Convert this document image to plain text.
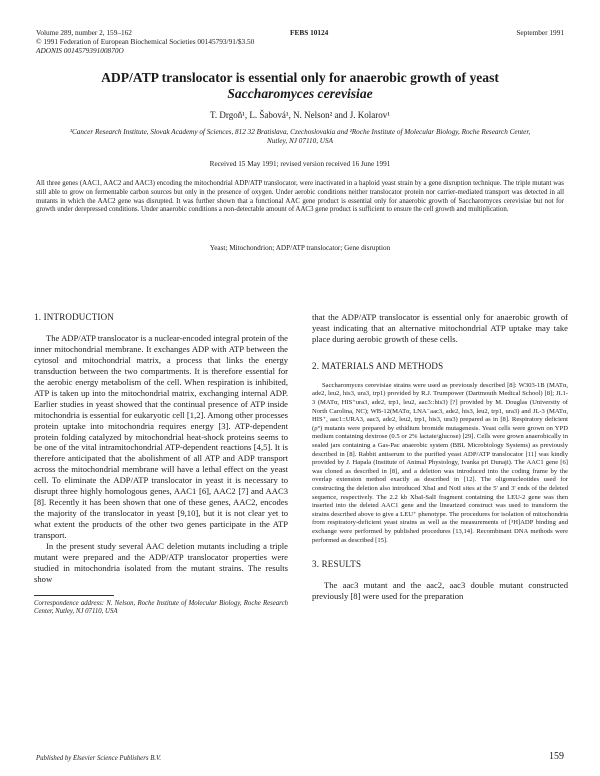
Volume 289, number 2, 159–162
© 1991 Federation of European Biochemical Societies 00145793/91/$3.50
ADONIS 001457939100870O
FEBS 10124	September 1991
ADP/ATP translocator is essential only for anaerobic growth of yeast
Saccharomyces cerevisiae
T. Drgoň¹, L. Šabová¹, N. Nelson² and J. Kolarov¹
¹Cancer Research Institute, Slovak Academy of Sciences, 812 32 Bratislava, Czechoslovakia and ²Roche Institute of Molecular Biology, Roche Research Center, Nutley, NJ 07110, USA
Received 15 May 1991; revised version received 16 June 1991
All three genes (AAC1, AAC2 and AAC3) encoding the mitochondrial ADP/ATP translocator, were inactivated in a haploid yeast strain by a gene disruption technique. The triple mutant was still able to grow on fermentable carbon sources but only in the presence of oxygen. Under aerobic conditions neither translocator protein nor carrier-mediated transport was detected in all mutants in which the AAC2 gene was disrupted. It was further shown that a functional AAC gene product is essential only for anaerobic growth of Saccharomyces cerevisiae but not for growth under derepressed conditions. Under anaerobic conditions a non-detectable amount of AAC3 gene product is sufficient to ensure the cell growth and multiplication.
Yeast; Mitochondrion; ADP/ATP translocator; Gene disruption
1. INTRODUCTION

The ADP/ATP translocator is a nuclear-encoded integral protein of the inner mitochondrial membrane. It exchanges ADP with ATP between the cytosol and mitochondrial matrix, a process that links the energy transduction between the two compartments. It is therefore essential for the aerobic energy metabolism of the cell. When respiration is inhibited, ATP is taken up into the mitochondrial matrix, exchanging internal ADP. Earlier studies in yeast showed that the continual presence of ATP inside mitochondria is essential for eukaryotic cell [1,2]. Among other processes protein uptake into mitochondria requires energy [3]. ATP-dependent protein folding catalyzed by mitochondrial heat-shock proteins seems to be one of the vital intramitochondrial ATP-dependent reactions [4,5]. It is therefore anticipated that the abolishment of all ATP and ADP transport across the mitochondrial membrane will have a lethal effect on the yeast cell. To eliminate the ADP/ATP translocator in yeast it is necessary to disrupt three highly homologous genes, AAC1 [6], AAC2 [7] and AAC3 [8]. Recently it has been shown that one of these genes, AAC2, encodes the majority of the translocator in yeast [9,10], but it is not clear yet to what extent the products of the other two genes participate in the ATP transport.

In the present study several AAC deletion mutants including a triple mutant were prepared and the ADP/ATP translocator properties were studied in mitochondria isolated from the mutant strains. The results show

Correspondence address: N. Nelson, Roche Institute of Molecular Biology, Roche Research Center, Nutley, NJ 07110, USA

that the ADP/ATP translocator is essential only for anaerobic growth of yeast indicating that an alternative mitochondrial ATP uptake may take place during aerobic growth of these cells.

2. MATERIALS AND METHODS

Saccharomyces cerevisiae strains were used as previously described [8]: W303-1B (MATα, ade2, leu2, his3, ura3, trp1) provided by R.J. Trumpower (Dartmouth Medical School) [8]; JL1-3 (MATα, HIS⁺ura3, ade2, trp1, leu2, aac3::his3) [?] provided by M. Douglas (University of North Carolina, NC); WB-12(MATα, LNA⁻aac3, ade2, his3, leu2, trp1, ura3) and JL-3 (MATα, HIS⁺, aac1::URA3, aac3, ade2, leu2, trp1, his3, ura3) prepared as in [8]. Respiratory deficient (ρ°) mutants were prepared by ethidium bromide mutagenesis. Yeast cells were grown on YPD medium containing dextrose (0.5 or 2% lactate/glucose) [29]. Cells were grown anaerobically in sealed jars containing a Gas-Pac anaerobic system (BBL Microbiology Systems) as previously described in [8]. Rabbit antiserum to the purified yeast ADP/ATP translocator [11] was kindly provided by J. Hapala (Institute of Animal Physiology, Ivanka pri Dunaji). The AAC1 gene [6] was cloned as described in [8], and a deletion was introduced into the coding frame by the overlap extension method exactly as described in [12]. The oligonucleotides used for constructing the deletion also introduced XbaI and NotI sites at the 5' and 3' ends of the deleted sequence, respectively. The 2.2 kb XbaI-SalI fragment containing the LEU-2 gene was then inserted into the deleted AAC1 gene and the linearized construct was used to transform the strains described above to give a LEU⁺ phenotype. The procedures for isolation of mitochondria from respiratory-deficient yeast strains as well as the measurements of [³H]ADP binding and exchange were performed by published procedures [13,14]. Recombinant DNA methods were performed as described [15].

3. RESULTS

The aac3 mutant and the aac2, aac3 double mutant constructed previously [8] were used for the preparation

Published by Elsevier Science Publishers B.V.	159
